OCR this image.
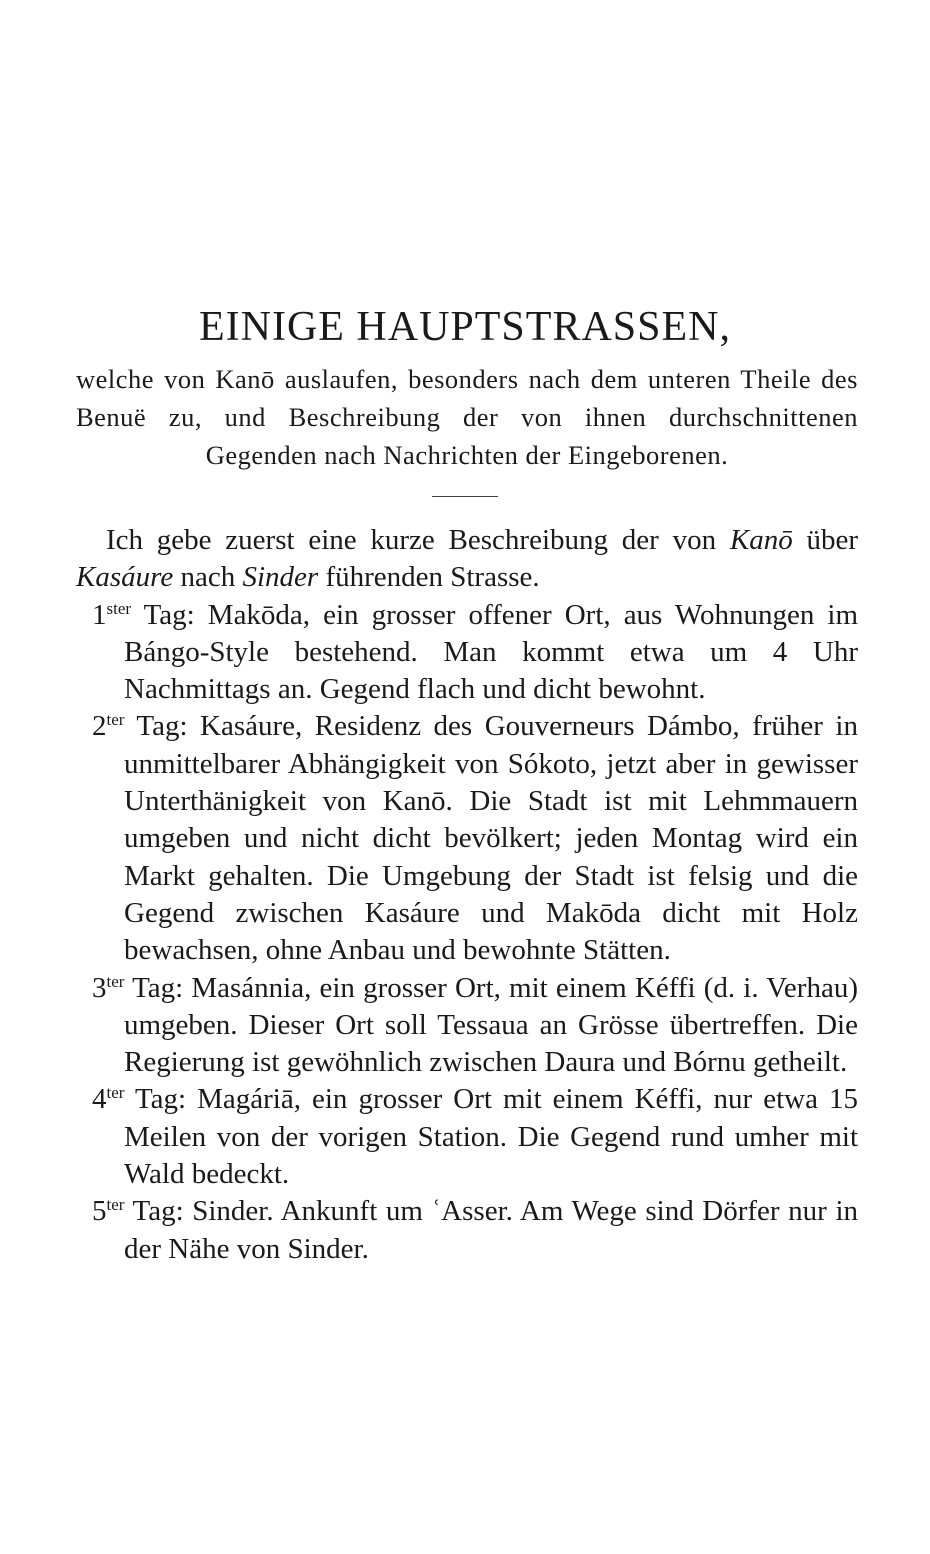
EINIGE HAUPTSTRASSEN,
welche von Kanō auslaufen, besonders nach dem unteren Theile des Benuë zu, und Beschreibung der von ihnen durchschnittenen Gegenden nach Nachrichten der Eingeborenen.

Ich gebe zuerst eine kurze Beschreibung der von Kanō über Kasáure nach Sinder führenden Strasse.

$1^{ster}$ Tag: Makōda, ein grosser offener Ort, aus Wohnungen im Bángo-Style bestehend. Man kommt etwa um 4 Uhr Nachmittags an. Gegend flach und dicht bewohnt.

$2^{ter}$ Tag: Kasáure, Residenz des Gouverneurs Dámbo, früher in unmittelbarer Abhängigkeit von Sókoto, jetzt aber in gewisser Unterthänigkeit von Kanō. Die Stadt ist mit Lehmmauern umgeben und nicht dicht bevölkert; jeden Montag wird ein Markt gehalten. Die Umgebung der Stadt ist felsig und die Gegend zwischen Kasáure und Makōda dicht mit Holz bewachsen, ohne Anbau und bewohnte Stätten.

$3^{ter}$ Tag: Masánnia, ein grosser Ort, mit einem Kéffi (d. i. Verhau) umgeben. Dieser Ort soll Tessaua an Grösse übertreffen. Die Regierung ist gewöhnlich zwischen Daura und Bórnu getheilt.

$4^{ter}$ Tag: Magáriā, ein grosser Ort mit einem Kéffi, nur etwa 15 Meilen von der vorigen Station. Die Gegend rund umher mit Wald bedeckt.

$5^{ter}$ Tag: Sinder. Ankunft um ʿAsser. Am Wege sind Dörfer nur in der Nähe von Sinder.
